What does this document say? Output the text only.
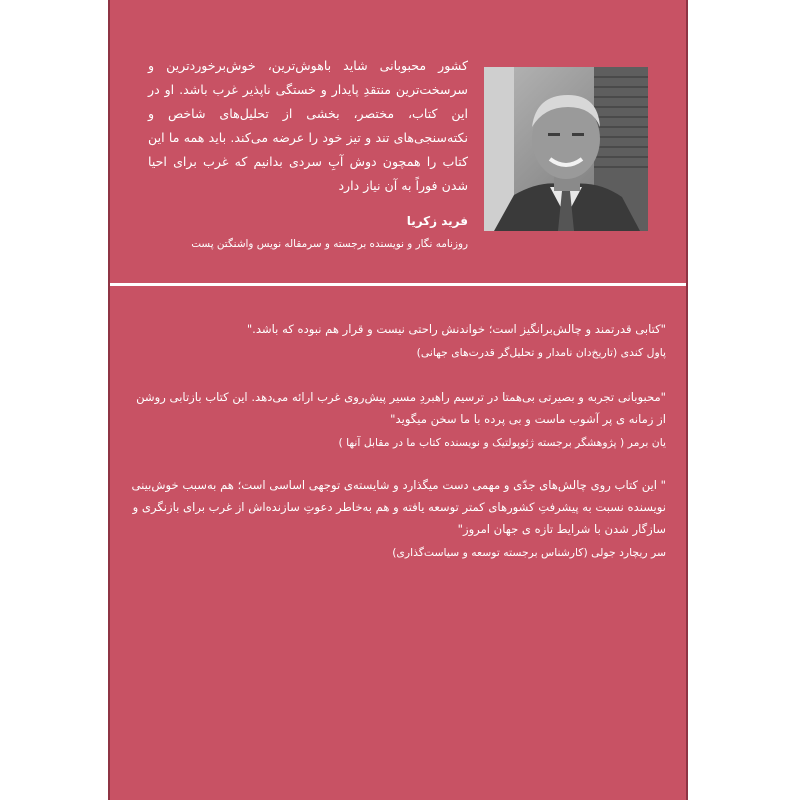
کشور محبوبانی شاید باهوش‌ترین، خوش‌برخوردترین و سرسخت‌ترین منتقدِ پایدار و خستگی ناپذیر غرب باشد. او در این کتاب، مختصر، بخشی از تحلیل‌های شاخص و نکته‌سنجی‌های تند و تیز خود را عرضه می‌کند. باید همه ما این کتاب را همچون دوش آبِ سردی بدانیم که غرب برای احیا شدن فوراً به آن نیاز دارد
فرید زکریا
روزنامه نگار و نویسنده برجسته و سرمقاله نویس واشنگتن پست
"کتابی قدرتمند و چالش‌برانگیز است؛ خواندنش راحتی نیست و قرار هم نبوده که باشد."
پاول کندی (تاریخ‌دان نامدار و تحلیل‌گر قدرت‌های جهانی)
"محبوبانی تجربه و بصیرتی بی‌همتا در ترسیم راهبردِ مسیر پیش‌روی غرب ارائه می‌دهد. این کتاب بازتابی روشن از زمانه ی پر آشوب ماست و بی پرده با ما سخن میگوید"
یان برمر ( پژوهشگر برجسته ژئوپولتیک و نویسنده کتاب ما در مقابل آنها )
" این کتاب روی چالش‌های جدّی و مهمی دست میگذارد و شایسته‌ی توجهی اساسی است؛ هم به‌سبب خوش‌بینی نویسنده نسبت به پیشرفتِ کشورهای کمتر توسعه یافته و هم به‌خاطر دعوتِ سازنده‌اش از غرب برای بازنگری و سازگار شدن با شرایط تازه ی جهان امروز"
سر ریچارد جولی (کارشناس برجسته توسعه و سیاست‌گذاری)
